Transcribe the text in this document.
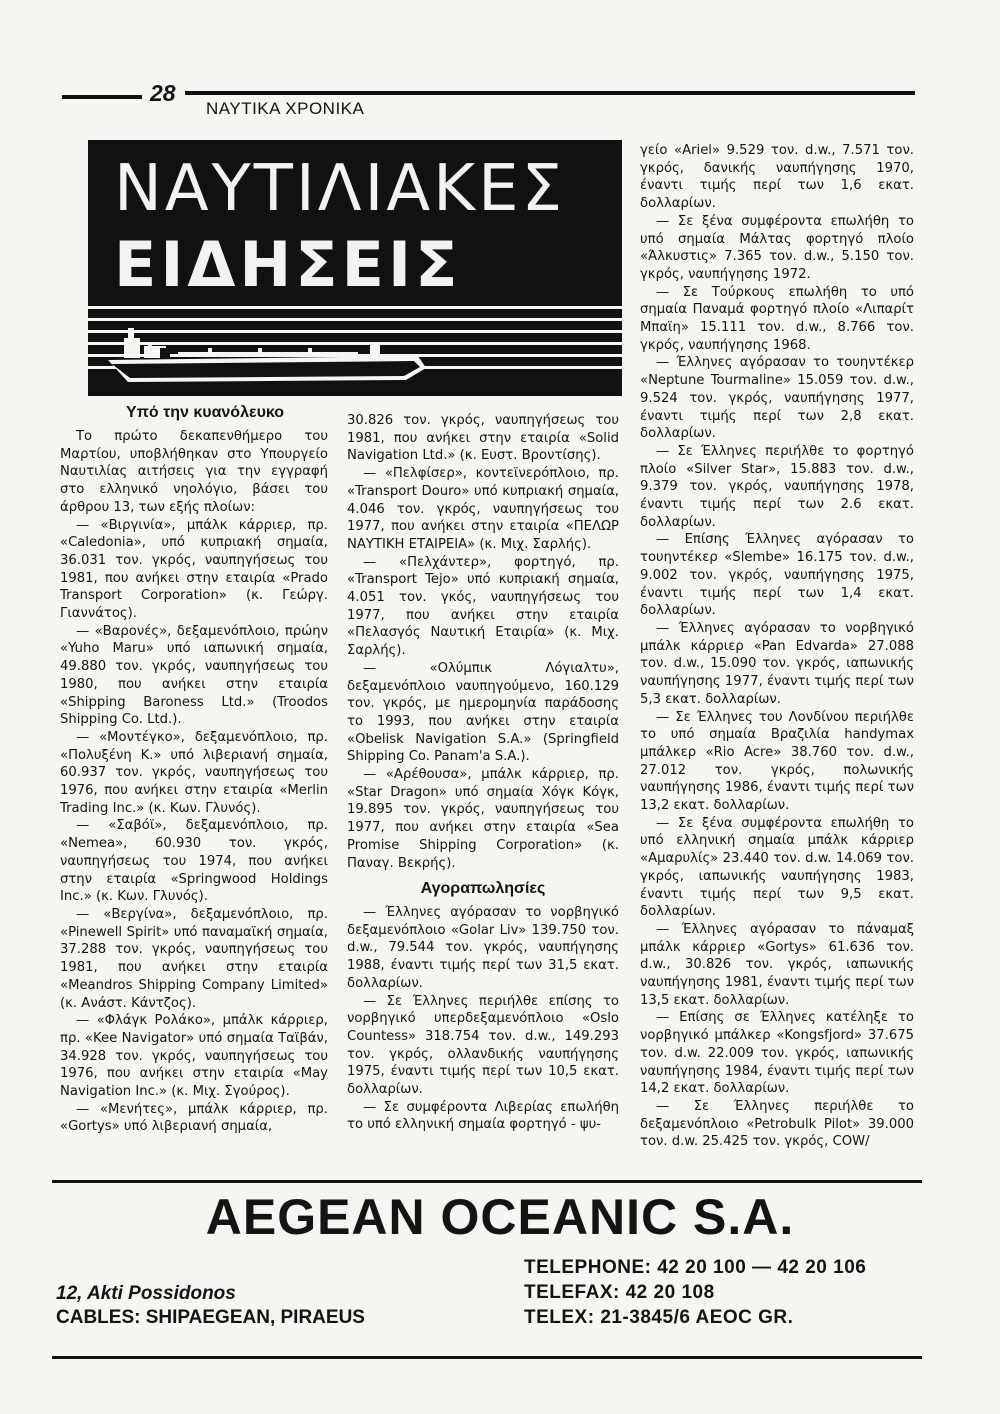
28
ΝΑΥΤΙΚΑ ΧΡΟΝΙΚΑ
ΝΑΥΤΙΛΙΑΚΕΣ
ΕΙΔΗΣΕΙΣ
Υπό την κυανόλευκο

Το πρώτο δεκαπενθήμερο του Μαρτίου, υποβλήθηκαν στο Υπουργείο Ναυτιλίας αιτήσεις για την εγγραφή στο ελληνικό νηολόγιο, βάσει του άρθρου 13, των εξής πλοίων:

— «Βιργινία», μπάλκ κάρριερ, πρ. «Caledonia», υπό κυπριακή σημαία, 36.031 τον. γκρός, ναυπηγήσεως του 1981, που ανήκει στην εταιρία «Prado Transport Corporation» (κ. Γεώργ. Γιαννάτος).

— «Βαρονές», δεξαμενόπλοιο, πρώην «Yuho Maru» υπό ιαπωνική σημαία, 49.880 τον. γκρός, ναυπηγήσεως του 1980, που ανήκει στην εταιρία «Shipping Baroness Ltd.» (Troodos Shipping Co. Ltd.).

— «Μοντέγκο», δεξαμενόπλοιο, πρ. «Πολυξένη Κ.» υπό λιβεριανή σημαία, 60.937 τον. γκρός, ναυπηγήσεως του 1976, που ανήκει στην εταιρία «Merlin Trading Inc.» (κ. Κων. Γλυνός).

— «Σαβόϊ», δεξαμενόπλοιο, πρ. «Nemea», 60.930 τον. γκρός, ναυπηγήσεως του 1974, που ανήκει στην εταιρία «Springwood Holdings Inc.» (κ. Κων. Γλυνός).

— «Βεργίνα», δεξαμενόπλοιο, πρ. «Pinewell Spirit» υπό παναμαϊκή σημαία, 37.288 τον. γκρός, ναυπηγήσεως του 1981, που ανήκει στην εταιρία «Meandros Shipping Company Limited» (κ. Ανάστ. Κάντζος).

— «Φλάγκ Ρολάκο», μπάλκ κάρριερ, πρ. «Kee Navigator» υπό σημαία Ταϊβάν, 34.928 τον. γκρός, ναυπηγήσεως του 1976, που ανήκει στην εταιρία «May Navigation Inc.» (κ. Μιχ. Σγούρος).

— «Μενήτες», μπάλκ κάρριερ, πρ. «Gortys» υπό λιβεριανή σημαία,

30.826 τον. γκρός, ναυπηγήσεως του 1981, που ανήκει στην εταιρία «Solid Navigation Ltd.» (κ. Ευστ. Βροντίσης).

— «Πελφίσερ», κοντεϊνερόπλοιο, πρ. «Transport Douro» υπό κυπριακή σημαία, 4.046 τον. γκρός, ναυπηγήσεως του 1977, που ανήκει στην εταιρία «ΠΕΛΩΡ ΝΑΥΤΙΚΗ ΕΤΑΙΡΕΙΑ» (κ. Μιχ. Σαρλής).

— «Πελχάντερ», φορτηγό, πρ. «Transport Tejo» υπό κυπριακή σημαία, 4.051 τον. γκός, ναυπηγήσεως του 1977, που ανήκει στην εταιρία «Πελασγός Ναυτική Εταιρία» (κ. Μιχ. Σαρλής).

— «Ολύμπικ Λόγιαλτυ», δεξαμενόπλοιο ναυπηγούμενο, 160.129 τον. γκρός, με ημερομηνία παράδοσης το 1993, που ανήκει στην εταιρία «Obelisk Navigation S.A.» (Springfield Shipping Co. Panam'a S.A.).

— «Αρέθουσα», μπάλκ κάρριερ, πρ. «Star Dragon» υπό σημαία Χόγκ Κόγκ, 19.895 τον. γκρός, ναυπηγήσεως του 1977, που ανήκει στην εταιρία «Sea Promise Shipping Corporation» (κ. Παναγ. Βεκρής).

Αγοραπωλησίες

— Έλληνες αγόρασαν το νορβηγικό δεξαμενόπλοιο «Golar Liv» 139.750 τον. d.w., 79.544 τον. γκρός, ναυπήγησης 1988, έναντι τιμής περί των 31,5 εκατ. δολλαρίων.

— Σε Έλληνες περιήλθε επίσης το νορβηγικό υπερδεξαμενόπλοιο «Oslo Countess» 318.754 τον. d.w., 149.293 τον. γκρός, ολλανδικής ναυπήγησης 1975, έναντι τιμής περί των 10,5 εκατ. δολλαρίων.

— Σε συμφέροντα Λιβερίας επωλήθη το υπό ελληνική σημαία φορτηγό - ψυ-

γείο «Ariel» 9.529 τον. d.w., 7.571 τον. γκρός, δανικής ναυπήγησης 1970, έναντι τιμής περί των 1,6 εκατ. δολλαρίων.

— Σε ξένα συμφέροντα επωλήθη το υπό σημαία Μάλτας φορτηγό πλοίο «Άλκυστις» 7.365 τον. d.w., 5.150 τον. γκρός, ναυπήγησης 1972.

— Σε Τούρκους επωλήθη το υπό σημαία Παναμά φορτηγό πλοίο «Λιπαρίτ Μπαϊη» 15.111 τον. d.w., 8.766 τον. γκρός, ναυπήγησης 1968.

— Έλληνες αγόρασαν το τουηντέκερ «Neptune Tourmaline» 15.059 τον. d.w., 9.524 τον. γκρός, ναυπήγησης 1977, έναντι τιμής περί των 2,8 εκατ. δολλαρίων.

— Σε Έλληνες περιήλθε το φορτηγό πλοίο «Silver Star», 15.883 τον. d.w., 9.379 τον. γκρός, ναυπήγησης 1978, έναντι τιμής περί των 2.6 εκατ. δολλαρίων.

— Επίσης Έλληνες αγόρασαν το τουηντέκερ «Slembe» 16.175 τον. d.w., 9.002 τον. γκρός, ναυπήγησης 1975, έναντι τιμής περί των 1,4 εκατ. δολλαρίων.

— Έλληνες αγόρασαν το νορβηγικό μπάλκ κάρριερ «Pan Edvarda» 27.088 τον. d.w., 15.090 τον. γκρός, ιαπωνικής ναυπήγησης 1977, έναντι τιμής περί των 5,3 εκατ. δολλαρίων.

— Σε Έλληνες του Λονδίνου περιήλθε το υπό σημαία Βραζιλία handymax μπάλκερ «Rio Acre» 38.760 τον. d.w., 27.012 τον. γκρός, πολωνικής ναυπήγησης 1986, έναντι τιμής περί των 13,2 εκατ. δολλαρίων.

— Σε ξένα συμφέροντα επωλήθη το υπό ελληνική σημαία μπάλκ κάρριερ «Αμαρυλίς» 23.440 τον. d.w. 14.069 τον. γκρός, ιαπωνικής ναυπήγησης 1983, έναντι τιμής περί των 9,5 εκατ. δολλαρίων.

— Έλληνες αγόρασαν το πάναμαξ μπάλκ κάρριερ «Gortys» 61.636 τον. d.w., 30.826 τον. γκρός, ιαπωνικής ναυπήγησης 1981, έναντι τιμής περί των 13,5 εκατ. δολλαρίων.

— Επίσης σε Έλληνες κατέληξε το νορβηγικό μπάλκερ «Kongsfjord» 37.675 τον. d.w. 22.009 τον. γκρός, ιαπωνικής ναυπήγησης 1984, έναντι τιμής περί των 14,2 εκατ. δολλαρίων.

— Σε Έλληνες περιήλθε το δεξαμενόπλοιο «Petrobulk Pilot» 39.000 τον. d.w. 25.425 τον. γκρός, COW/

AEGEAN OCEANIC S.A.
TELEPHONE: 42 20 100 — 42 20 106
TELEFAX: 42 20 108
TELEX: 21-3845/6 AEOC GR.
12, Akti Possidonos
CABLES: SHIPAEGEAN, PIRAEUS
